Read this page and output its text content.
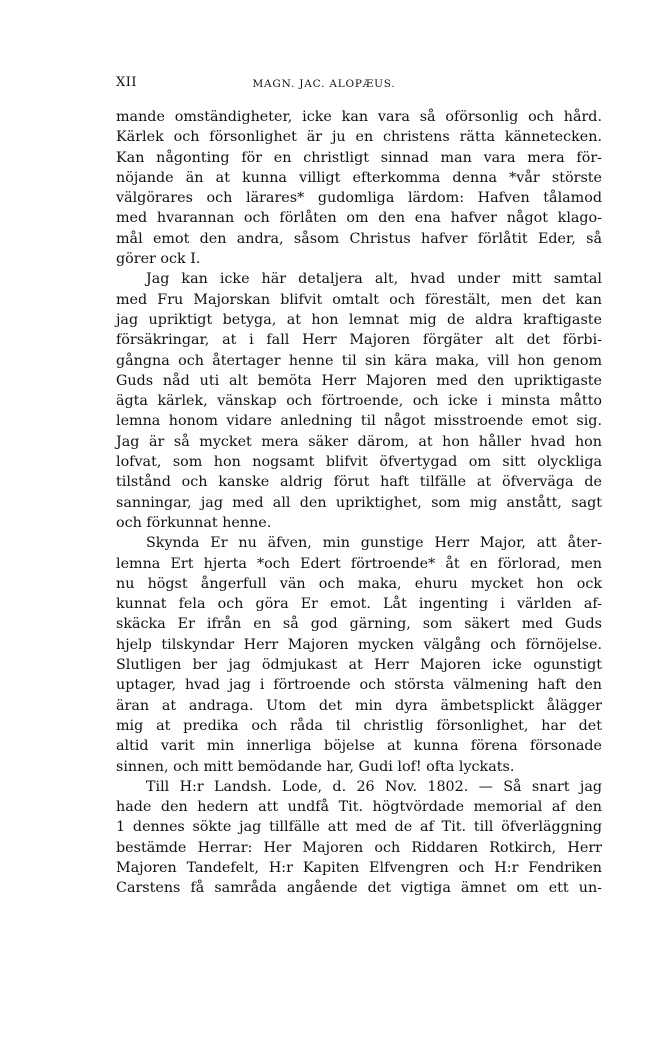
XII	MAGN. JAC. ALOPÆUS.
mande omständigheter, icke kan vara så oförsonlig och hård.
Kärlek och försonlighet är ju en christens rätta kännetecken.
Kan någonting för en christligt sinnad man vara mera för-
nöjande än at kunna villigt efterkomma denna *vår störste
välgörares och lärares* gudomliga lärdom: Hafven tålamod
med hvarannan och förlåten om den ena hafver något klago-
mål emot den andra, såsom Christus hafver förlåtit Eder, så
görer ock I.
Jag kan icke här detaljera alt, hvad under mitt samtal
med Fru Majorskan blifvit omtalt och förestält, men det kan
jag upriktigt betyga, at hon lemnat mig de aldra kraftigaste
försäkringar, at i fall Herr Majoren förgäter alt det förbi-
gångna och återtager henne til sin kära maka, vill hon genom
Guds nåd uti alt bemöta Herr Majoren med den upriktigaste
ägta kärlek, vänskap och förtroende, och icke i minsta måtto
lemna honom vidare anledning til något misstroende emot sig.
Jag är så mycket mera säker därom, at hon håller hvad hon
lofvat, som hon nogsamt blifvit öfvertygad om sitt olyckliga
tilstånd och kanske aldrig förut haft tilfälle at öfverväga de
sanningar, jag med all den upriktighet, som mig anstått, sagt
och förkunnat henne.
Skynda Er nu äfven, min gunstige Herr Major, att åter-
lemna Ert hjerta *och Edert förtroende* åt en förlorad, men
nu högst ångerfull vän och maka, ehuru mycket hon ock
kunnat fela och göra Er emot. Låt ingenting i världen af-
skäcka Er ifrån en så god gärning, som säkert med Guds
hjelp tilskyndar Herr Majoren mycken välgång och förnöjelse.
Slutligen ber jag ödmjukast at Herr Majoren icke ogunstigt
uptager, hvad jag i förtroende och största välmening haft den
äran at andraga. Utom det min dyra ämbetsplickt ålägger
mig at predika och råda til christlig försonlighet, har det
altid varit min innerliga böjelse at kunna förena försonade
sinnen, och mitt bemödande har, Gudi lof! ofta lyckats.
Till H:r Landsh. Lode, d. 26 Nov. 1802. — Så snart jag
hade den hedern att undfå Tit. högtvördade memorial af den
1 dennes sökte jag tillfälle att med de af Tit. till öfverläggning
bestämde Herrar: Her Majoren och Riddaren Rotkirch, Herr
Majoren Tandefelt, H:r Kapiten Elfvengren och H:r Fendriken
Carstens få samråda angående det vigtiga ämnet om ett un-
